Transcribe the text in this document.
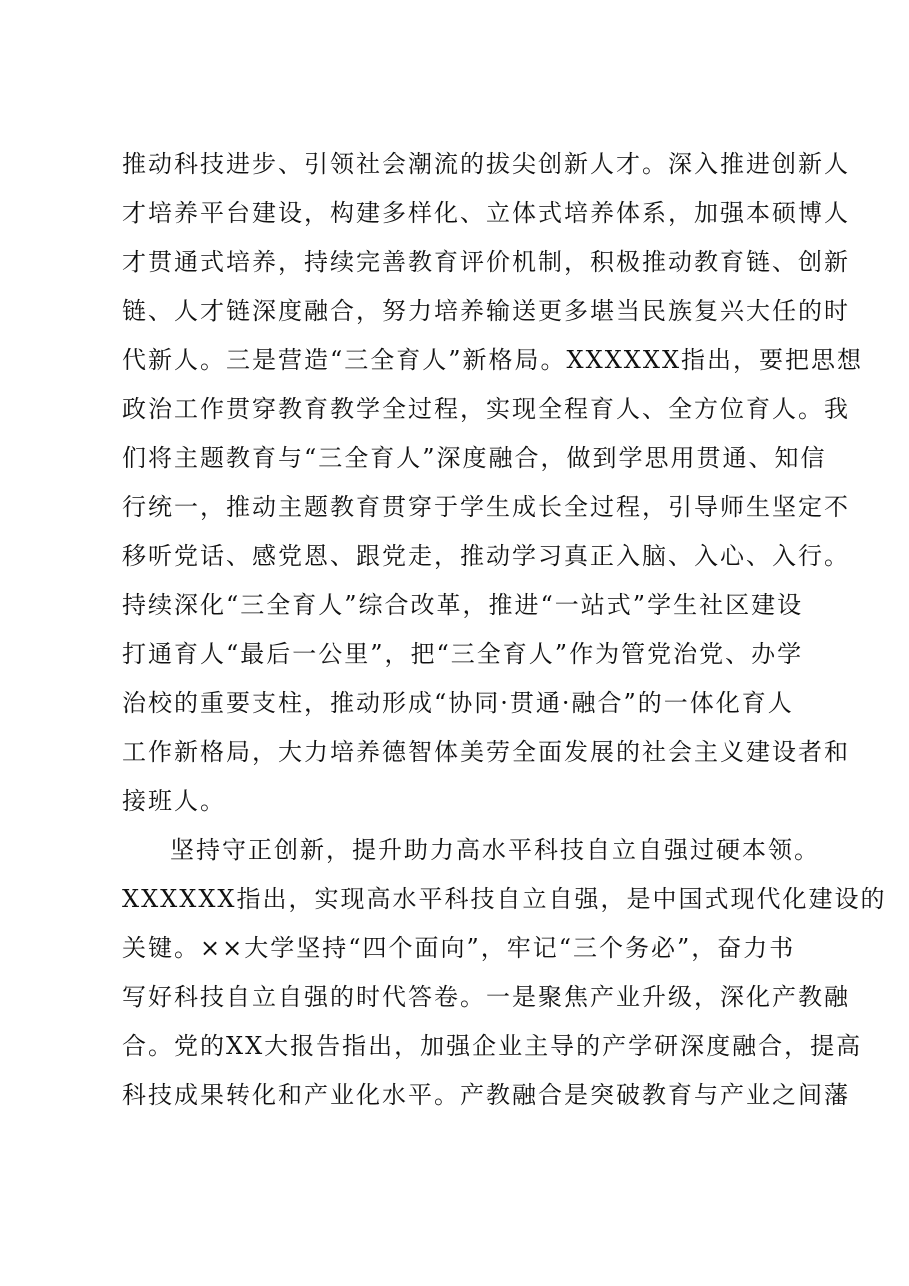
推动科技进步、引领社会潮流的拔尖创新人才。深入推进创新人
才培养平台建设，构建多样化、立体式培养体系，加强本硕博人
才贯通式培养，持续完善教育评价机制，积极推动教育链、创新
链、人才链深度融合，努力培养输送更多堪当民族复兴大任的时
代新人。三是营造“三全育人”新格局。XXXXXX指出，要把思想
政治工作贯穿教育教学全过程，实现全程育人、全方位育人。我
们将主题教育与“三全育人”深度融合，做到学思用贯通、知信
行统一，推动主题教育贯穿于学生成长全过程，引导师生坚定不
移听党话、感党恩、跟党走，推动学习真正入脑、入心、入行。
持续深化“三全育人”综合改革，推进“一站式”学生社区建设
打通育人“最后一公里”，把“三全育人”作为管党治党、办学
治校的重要支柱，推动形成“协同·贯通·融合”的一体化育人
工作新格局，大力培养德智体美劳全面发展的社会主义建设者和
接班人。
坚持守正创新，提升助力高水平科技自立自强过硬本领。
XXXXXX指出，实现高水平科技自立自强，是中国式现代化建设的
关键。××大学坚持“四个面向”，牢记“三个务必”，奋力书
写好科技自立自强的时代答卷。一是聚焦产业升级，深化产教融
合。党的XX大报告指出，加强企业主导的产学研深度融合，提高
科技成果转化和产业化水平。产教融合是突破教育与产业之间藩
